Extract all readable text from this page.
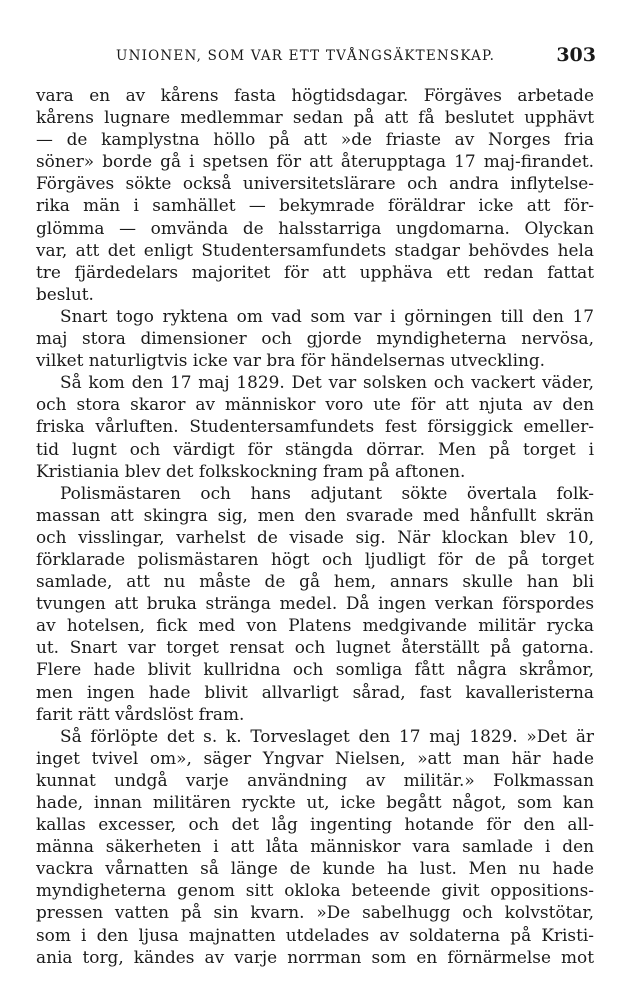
UNIONEN, SOM VAR ETT TVÅNGSÄKTENSKAP.	303
vara en av kårens fasta högtidsdagar. Förgäves arbetade
kårens lugnare medlemmar sedan på att få beslutet upphävt
— de kamplystna höllo på att »de friaste av Norges fria
söner» borde gå i spetsen för att återupptaga 17 maj-firandet.
Förgäves sökte också universitetslärare och andra inflytelse-
rika män i samhället — bekymrade föräldrar icke att för-
glömma — omvända de halsstarriga ungdomarna. Olyckan
var, att det enligt Studentersamfundets stadgar behövdes hela
tre fjärdedelars majoritet för att upphäva ett redan fattat
beslut.
Snart togo ryktena om vad som var i görningen till den 17
maj stora dimensioner och gjorde myndigheterna nervösa,
vilket naturligtvis icke var bra för händelsernas utveckling.
Så kom den 17 maj 1829. Det var solsken och vackert väder,
och stora skaror av människor voro ute för att njuta av den
friska vårluften. Studentersamfundets fest försiggick emeller-
tid lugnt och värdigt för stängda dörrar. Men på torget i
Kristiania blev det folkskockning fram på aftonen.
Polismästaren och hans adjutant sökte övertala folk-
massan att skingra sig, men den svarade med hånfullt skrän
och visslingar, varhelst de visade sig. När klockan blev 10,
förklarade polismästaren högt och ljudligt för de på torget
samlade, att nu måste de gå hem, annars skulle han bli
tvungen att bruka stränga medel. Då ingen verkan förspordes
av hotelsen, fick med von Platens medgivande militär rycka
ut. Snart var torget rensat och lugnet återställt på gatorna.
Flere hade blivit kullridna och somliga fått några skråmor,
men ingen hade blivit allvarligt sårad, fast kavalleristerna
farit rätt vårdslöst fram.
Så förlöpte det s. k. Torveslaget den 17 maj 1829. »Det är
inget tvivel om», säger Yngvar Nielsen, »att man här hade
kunnat undgå varje användning av militär.» Folkmassan
hade, innan militären ryckte ut, icke begått något, som kan
kallas excesser, och det låg ingenting hotande för den all-
männa säkerheten i att låta människor vara samlade i den
vackra vårnatten så länge de kunde ha lust. Men nu hade
myndigheterna genom sitt okloka beteende givit oppositions-
pressen vatten på sin kvarn. »De sabelhugg och kolvstötar,
som i den ljusa majnatten utdelades av soldaterna på Kristi-
ania torg, kändes av varje norrman som en förnärmelse mot
